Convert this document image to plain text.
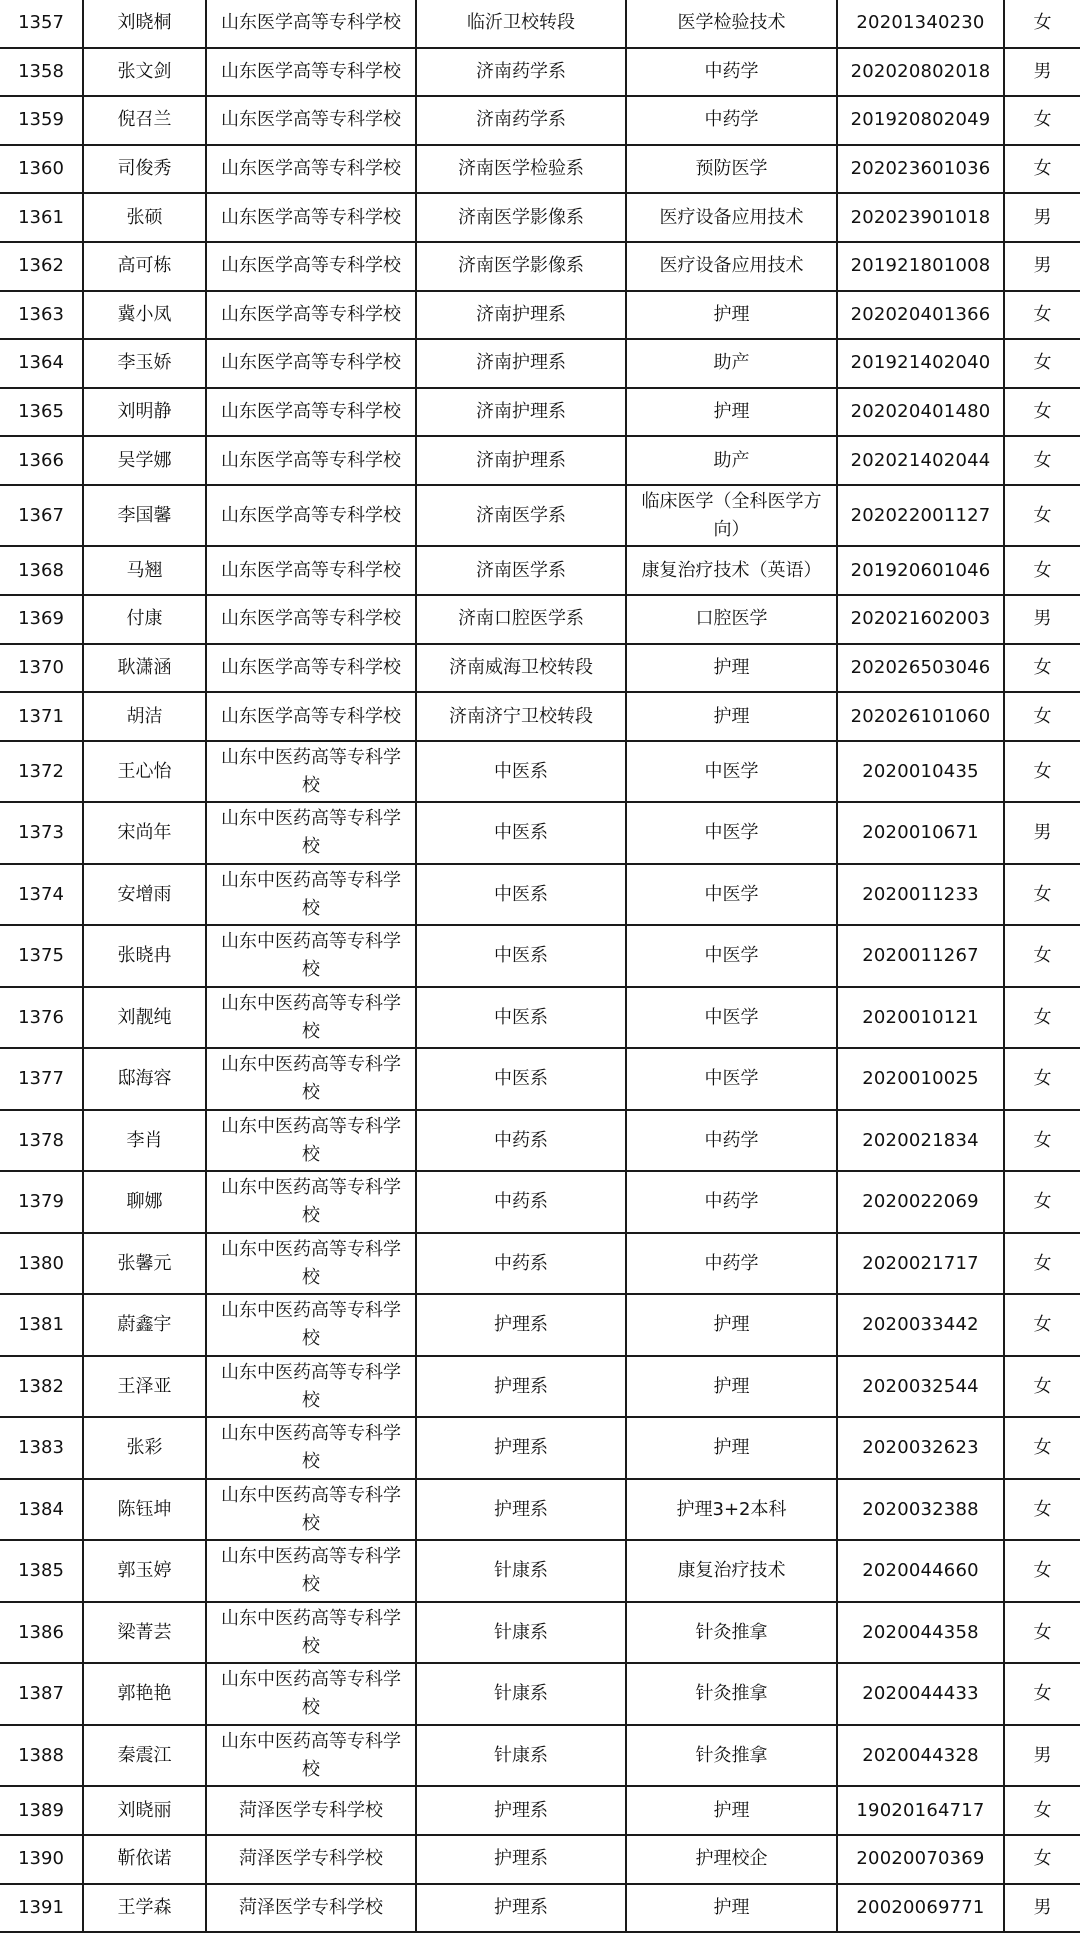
1357	刘晓桐	山东医学高等专科学校	临沂卫校转段	医学检验技术	20201340230	女
1358	张文剑	山东医学高等专科学校	济南药学系	中药学	202020802018	男
1359	倪召兰	山东医学高等专科学校	济南药学系	中药学	201920802049	女
1360	司俊秀	山东医学高等专科学校	济南医学检验系	预防医学	202023601036	女
1361	张硕	山东医学高等专科学校	济南医学影像系	医疗设备应用技术	202023901018	男
1362	高可栋	山东医学高等专科学校	济南医学影像系	医疗设备应用技术	201921801008	男
1363	冀小凤	山东医学高等专科学校	济南护理系	护理	202020401366	女
1364	李玉娇	山东医学高等专科学校	济南护理系	助产	201921402040	女
1365	刘明静	山东医学高等专科学校	济南护理系	护理	202020401480	女
1366	吴学娜	山东医学高等专科学校	济南护理系	助产	202021402044	女
1367	李国馨	山东医学高等专科学校	济南医学系	临床医学（全科医学方向）	202022001127	女
1368	马翘	山东医学高等专科学校	济南医学系	康复治疗技术（英语）	201920601046	女
1369	付康	山东医学高等专科学校	济南口腔医学系	口腔医学	202021602003	男
1370	耿潇涵	山东医学高等专科学校	济南威海卫校转段	护理	202026503046	女
1371	胡洁	山东医学高等专科学校	济南济宁卫校转段	护理	202026101060	女
1372	王心怡	山东中医药高等专科学校	中医系	中医学	2020010435	女
1373	宋尚年	山东中医药高等专科学校	中医系	中医学	2020010671	男
1374	安增雨	山东中医药高等专科学校	中医系	中医学	2020011233	女
1375	张晓冉	山东中医药高等专科学校	中医系	中医学	2020011267	女
1376	刘靓纯	山东中医药高等专科学校	中医系	中医学	2020010121	女
1377	邸海容	山东中医药高等专科学校	中医系	中医学	2020010025	女
1378	李肖	山东中医药高等专科学校	中药系	中药学	2020021834	女
1379	聊娜	山东中医药高等专科学校	中药系	中药学	2020022069	女
1380	张馨元	山东中医药高等专科学校	中药系	中药学	2020021717	女
1381	蔚鑫宇	山东中医药高等专科学校	护理系	护理	2020033442	女
1382	王泽亚	山东中医药高等专科学校	护理系	护理	2020032544	女
1383	张彩	山东中医药高等专科学校	护理系	护理	2020032623	女
1384	陈钰坤	山东中医药高等专科学校	护理系	护理3+2本科	2020032388	女
1385	郭玉婷	山东中医药高等专科学校	针康系	康复治疗技术	2020044660	女
1386	梁菁芸	山东中医药高等专科学校	针康系	针灸推拿	2020044358	女
1387	郭艳艳	山东中医药高等专科学校	针康系	针灸推拿	2020044433	女
1388	秦震江	山东中医药高等专科学校	针康系	针灸推拿	2020044328	男
1389	刘晓丽	菏泽医学专科学校	护理系	护理	19020164717	女
1390	靳依诺	菏泽医学专科学校	护理系	护理校企	20020070369	女
1391	王学森	菏泽医学专科学校	护理系	护理	20020069771	男
